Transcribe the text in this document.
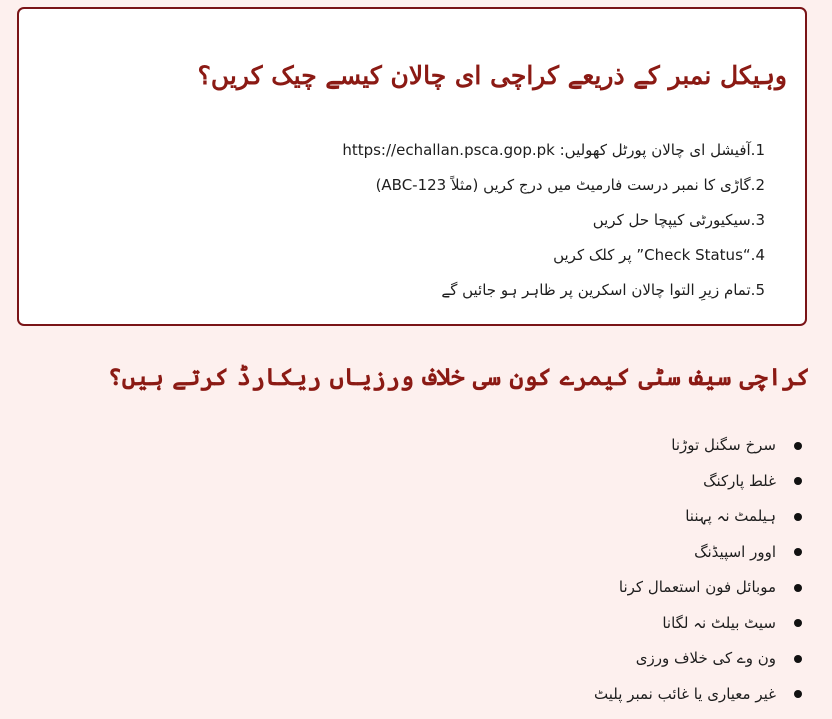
وہیکل نمبر کے ذریعے کراچی ای چالان کیسے چیک کریں؟
1.آفیشل ای چالان پورٹل کھولیں: https://echallan.psca.gop.pk
2.گاڑی کا نمبر درست فارمیٹ میں درج کریں (مثلاً ABC-123)
3.سیکیورٹی کیپچا حل کریں
4.“Check Status” پر کلک کریں
5.تمام زیرِ التوا چالان اسکرین پر ظاہر ہو جائیں گے
کراچی سیف سٹی کیمرے کون سی خلاف ورزیاں ریکارڈ کرتے ہیں؟
سرخ سگنل توڑنا
غلط پارکنگ
ہیلمٹ نہ پہننا
اوور اسپیڈنگ
موبائل فون استعمال کرنا
سیٹ بیلٹ نہ لگانا
ون وے کی خلاف ورزی
غیر معیاری یا غائب نمبر پلیٹ
